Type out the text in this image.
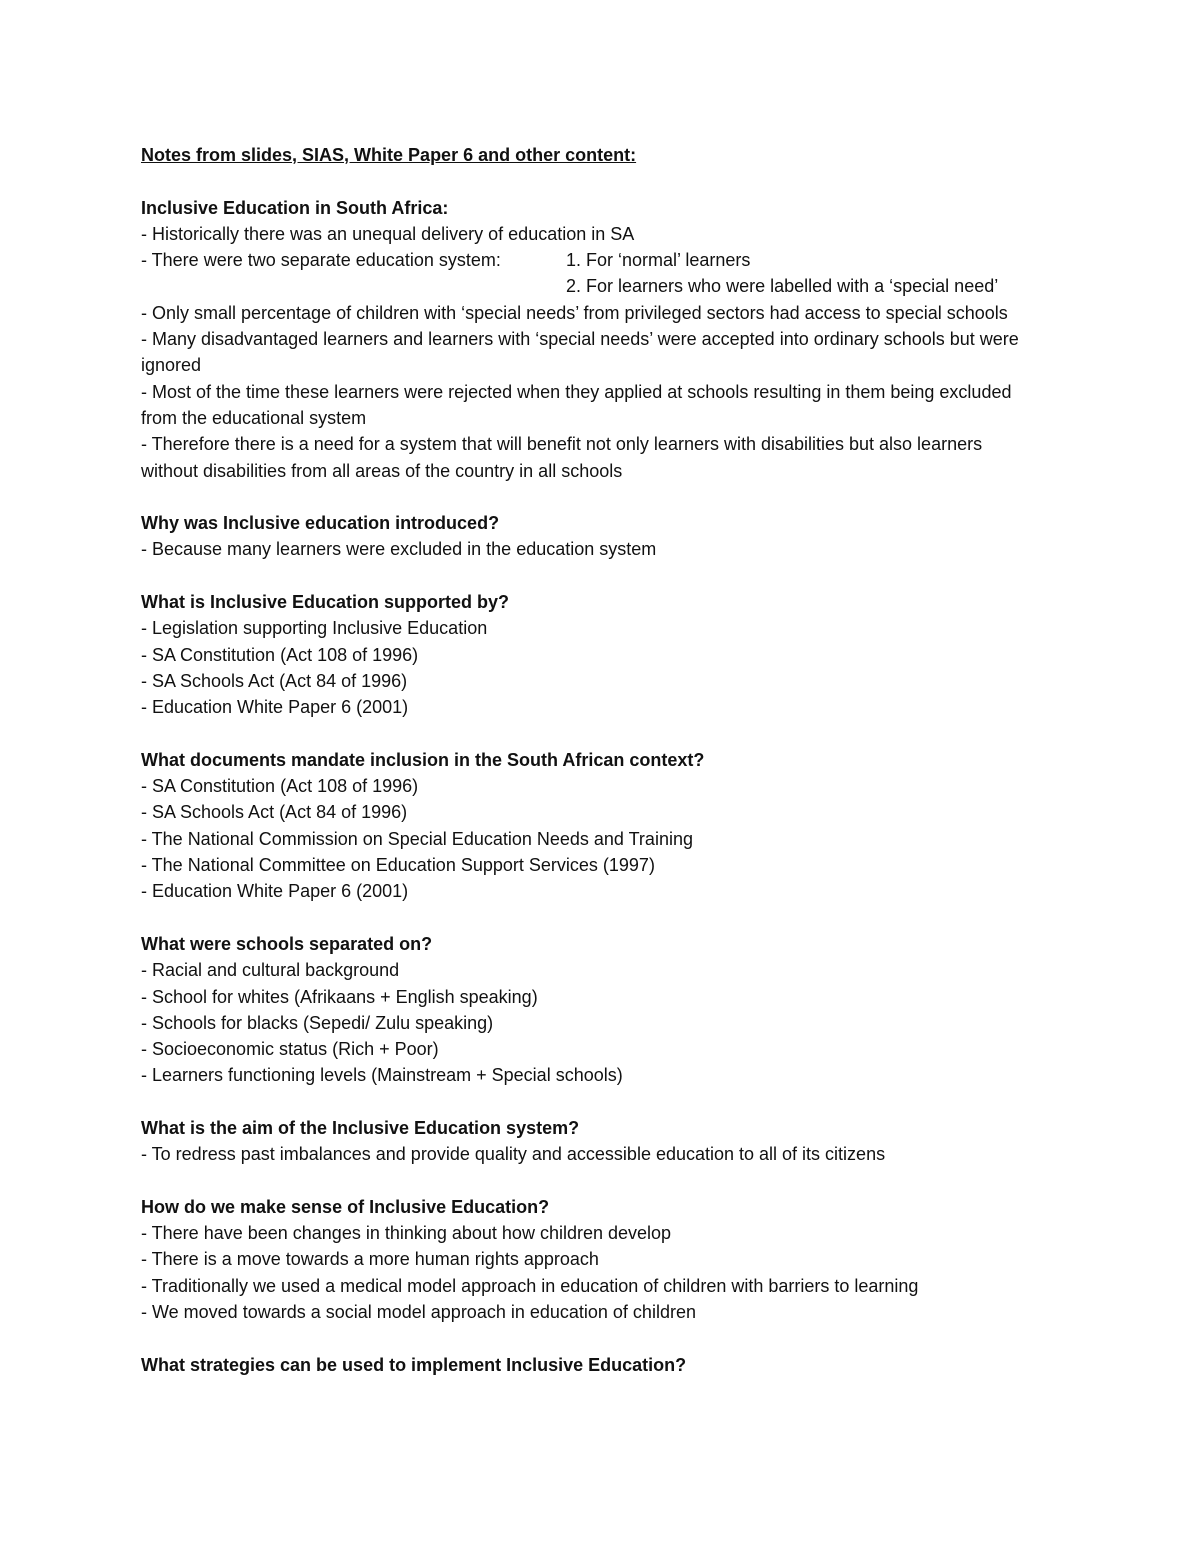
Notes from slides, SIAS, White Paper 6 and other content:

Inclusive Education in South Africa:

- Historically there was an unequal delivery of education in SA

- There were two separate education system:	1. For ‘normal’ learners

2. For learners who were labelled with a ‘special need’

- Only small percentage of children with ‘special needs’ from privileged sectors had access to special schools

- Many disadvantaged learners and learners with ‘special needs’ were accepted into ordinary schools but were ignored

- Most of the time these learners were rejected when they applied at schools resulting in them being excluded from the educational system

- Therefore there is a need for a system that will benefit not only learners with disabilities but also learners without disabilities from all areas of the country in all schools

Why was Inclusive education introduced?

- Because many learners were excluded in the education system

What is Inclusive Education supported by?

- Legislation supporting Inclusive Education

- SA Constitution (Act 108 of 1996)

- SA Schools Act (Act 84 of 1996)

- Education White Paper 6 (2001)

What documents mandate inclusion in the South African context?

- SA Constitution (Act 108 of 1996)

- SA Schools Act (Act 84 of 1996)

- The National Commission on Special Education Needs and Training

- The National Committee on Education Support Services (1997)

- Education White Paper 6 (2001)

What were schools separated on?

- Racial and cultural background

- School for whites (Afrikaans + English speaking)

- Schools for blacks (Sepedi/ Zulu speaking)

- Socioeconomic status (Rich + Poor)

- Learners functioning levels (Mainstream + Special schools)

What is the aim of the Inclusive Education system?

- To redress past imbalances and provide quality and accessible education to all of its citizens

How do we make sense of Inclusive Education?

- There have been changes in thinking about how children develop

- There is a move towards a more human rights approach

- Traditionally we used a medical model approach in education of children with barriers to learning

- We moved towards a social model approach in education of children

What strategies can be used to implement Inclusive Education?
